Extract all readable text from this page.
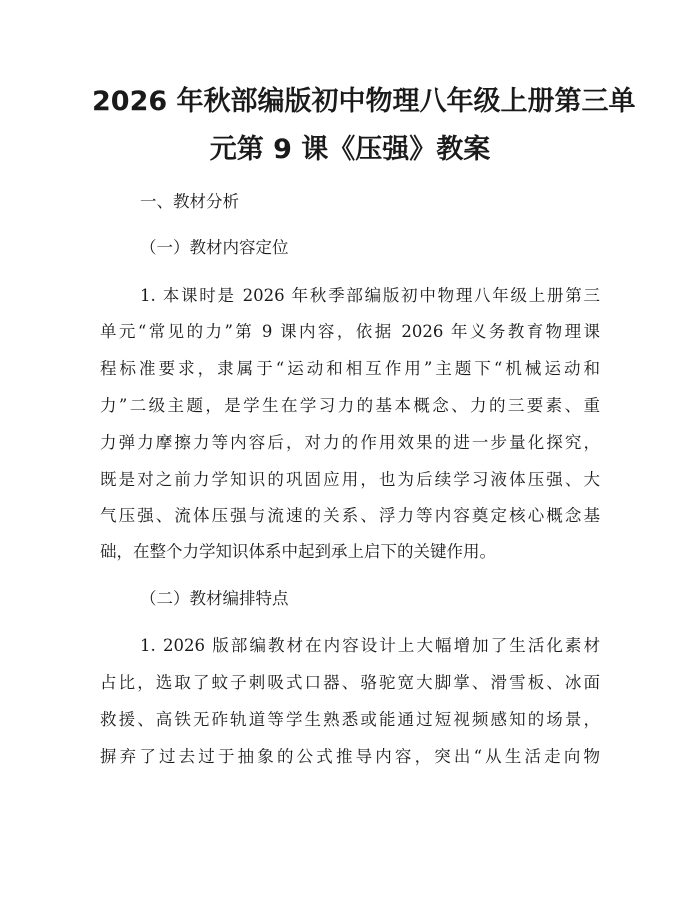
2026 年秋部编版初中物理八年级上册第三单
元第 9 课《压强》教案

一、教材分析

（一）教材内容定位

1. 本课时是 2026 年秋季部编版初中物理八年级上册第三

单元“常见的力”第 9 课内容，依据 2026 年义务教育物理课

程标准要求，隶属于“运动和相互作用”主题下“机械运动和

力”二级主题，是学生在学习力的基本概念、力的三要素、重

力弹力摩擦力等内容后，对力的作用效果的进一步量化探究，

既是对之前力学知识的巩固应用，也为后续学习液体压强、大

气压强、流体压强与流速的关系、浮力等内容奠定核心概念基

础，在整个力学知识体系中起到承上启下的关键作用。

（二）教材编排特点

1. 2026 版部编教材在内容设计上大幅增加了生活化素材

占比，选取了蚊子刺吸式口器、骆驼宽大脚掌、滑雪板、冰面

救援、高铁无砟轨道等学生熟悉或能通过短视频感知的场景，

摒弃了过去过于抽象的公式推导内容，突出“从生活走向物
